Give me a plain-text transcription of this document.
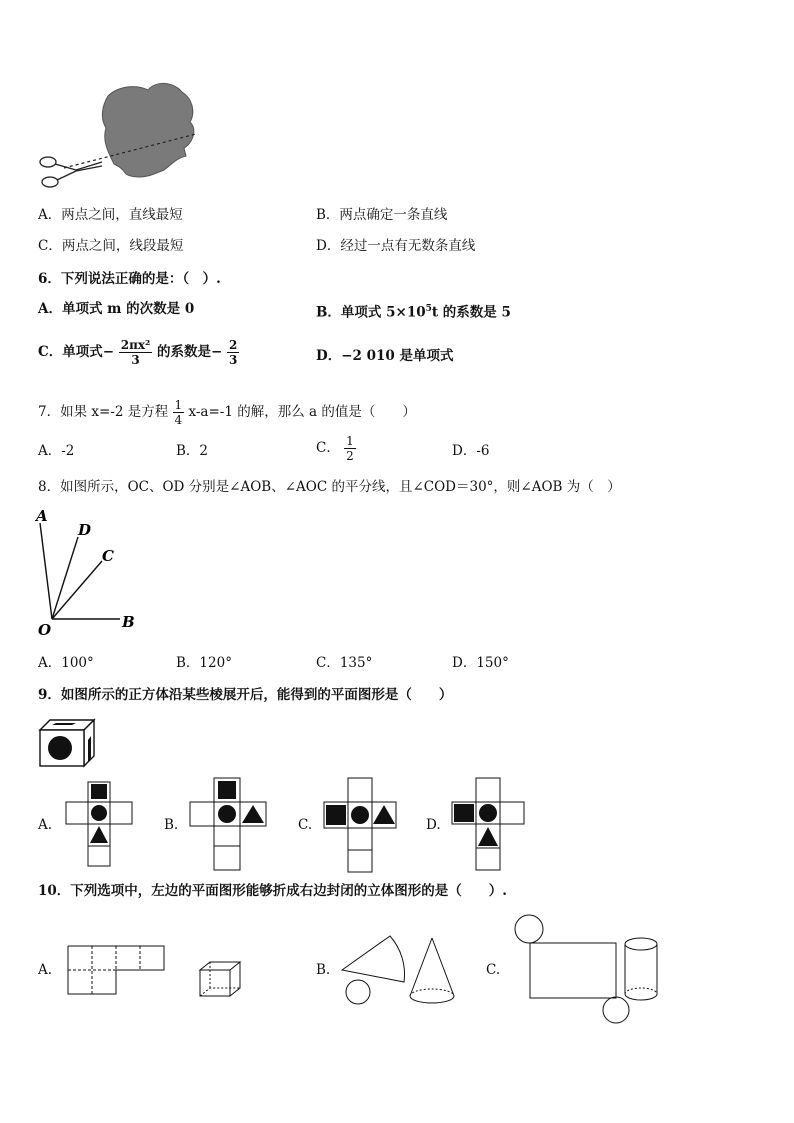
A．两点之间，直线最短	B．两点确定一条直线
C．两点之间，线段最短	D．经过一点有无数条直线
6．下列说法正确的是：（　）.
A．单项式 m 的次数是 0	B．单项式 $5\times 10^5t$ 的系数是 5
C．单项式− $\frac{\text{2πx²}}{3}$ 的系数是− $\frac{2}{3}$	D．−2 010 是单项式
7．如果 x=-2 是方程 $\frac{1}{4} x-a=-1$ 的解，那么 a 的值是（　　）
A．-2	B．2	C． $\frac{1}{2}$	D．-6
8．如图所示，OC、OD 分别是∠AOB、∠AOC 的平分线，且∠COD＝30°，则∠AOB 为（　）
A
D
C
O	B
A．100°	B．120°	C．135°	D．150°
9．如图所示的正方体沿某些棱展开后，能得到的平面图形是（　　）
A.	B.	C.	D.
10．下列选项中，左边的平面图形能够折成右边封闭的立体图形的是（　　）.
A.	B.	C.
